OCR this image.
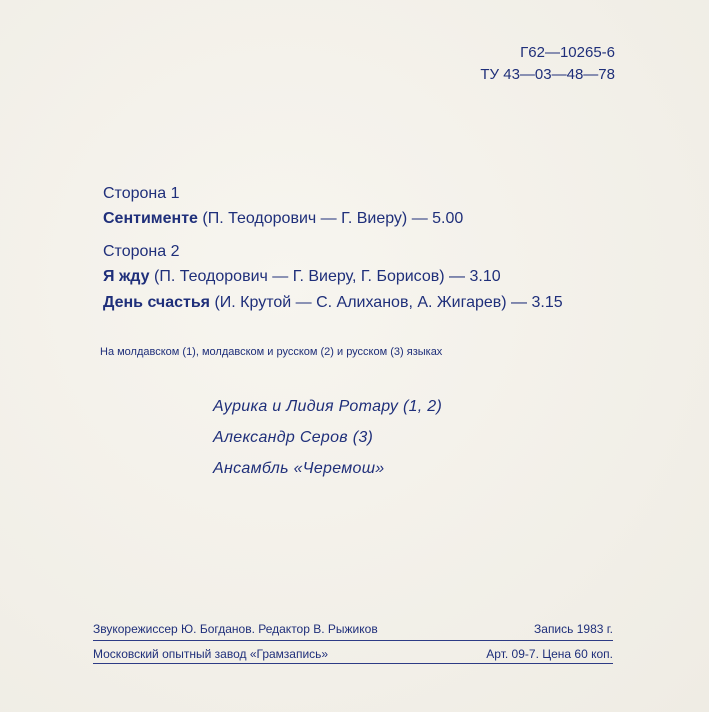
Г62—10265-6
ТУ 43—03—48—78
Сторона 1
Сентименте (П. Теодорович — Г. Виеру) — 5.00
Сторона 2
Я жду (П. Теодорович — Г. Виеру, Г. Борисов) — 3.10
День счастья (И. Крутой — С. Алиханов, А. Жигарев) — 3.15
На молдавском (1), молдавском и русском (2) и русском (3) языках
Аурика и Лидия Ротару (1, 2)
Александр Серов (3)
Ансамбль «Черемош»
Звукорежиссер Ю. Богданов. Редактор В. Рыжиков	Запись 1983 г.
Московский опытный завод «Грамзапись»	Арт. 09-7. Цена 60 коп.
